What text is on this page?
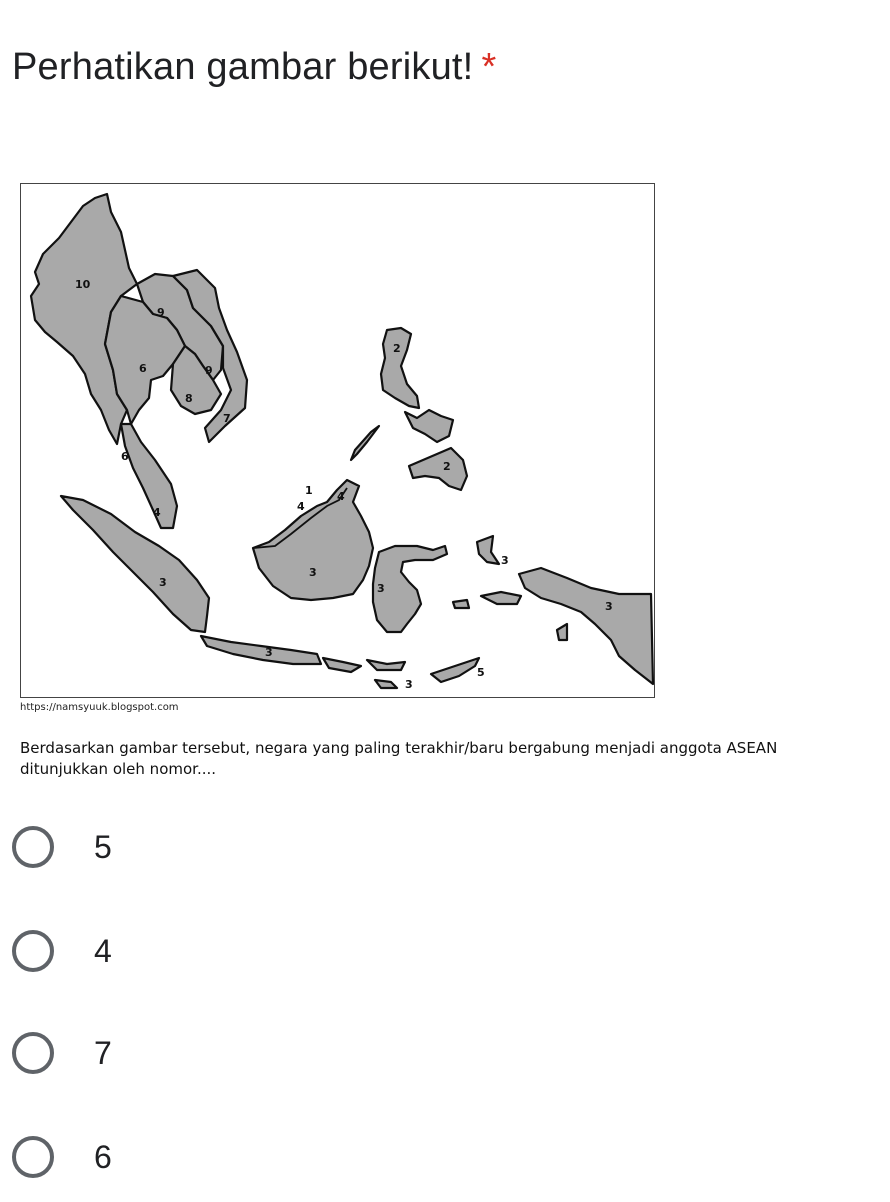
Perhatikan gambar berikut! *
10
9
9
6
8
7
6
4
4
4
1
3
3
3
3
3
2
2
3
3
5
https://namsyuuk.blogspot.com
Berdasarkan gambar tersebut, negara yang paling terakhir/baru bergabung menjadi anggota ASEAN ditunjukkan oleh nomor....
5
4
7
6
